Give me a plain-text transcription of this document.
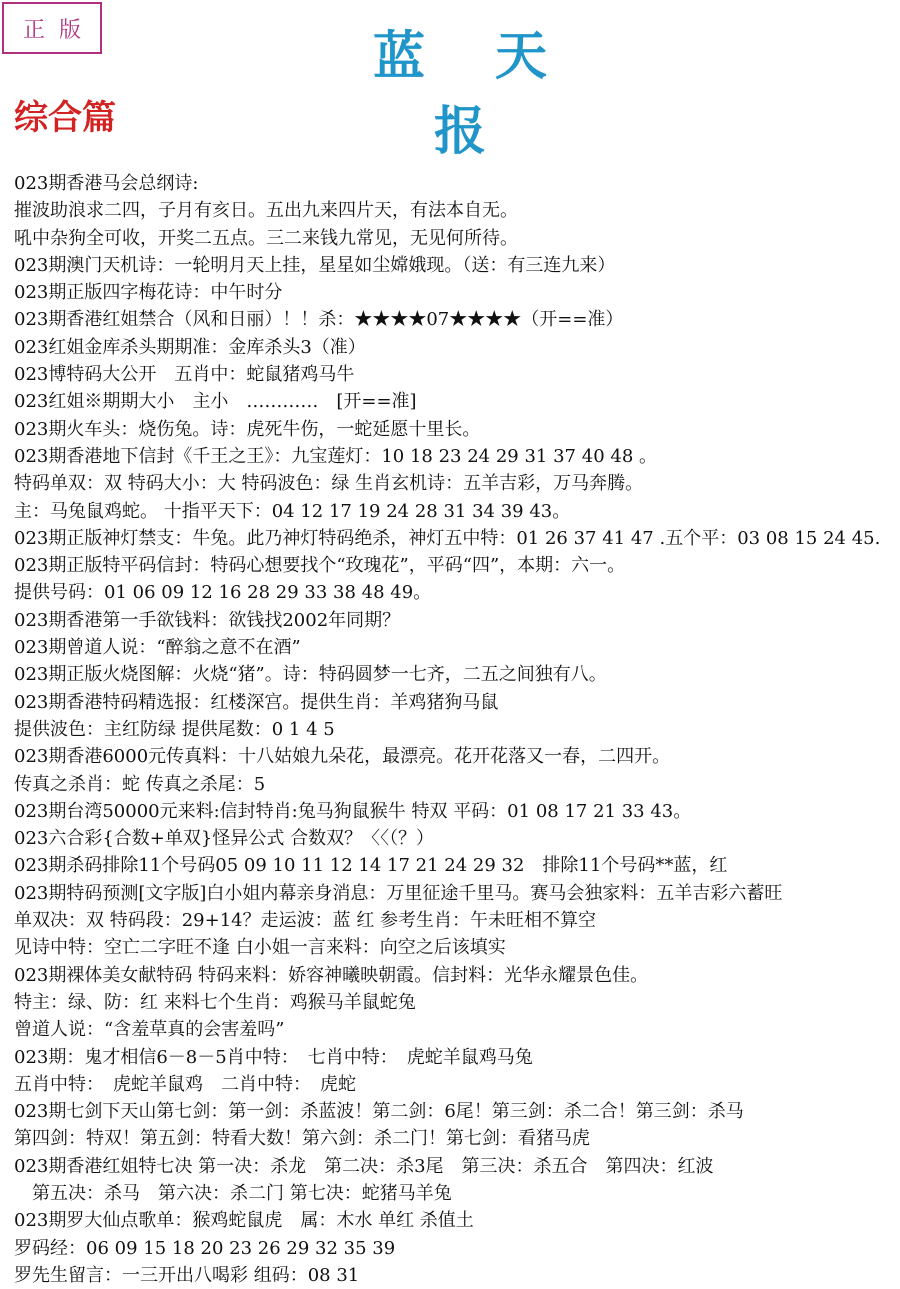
正版	蓝天报
综合篇
023期香港马会总纲诗:
摧波助浪求二四，子月有亥日。五出九来四片天，有法本自无。
吼中杂狗全可收，开奖二五点。三二来钱九常见，无见何所待。
023期澳门天机诗：一轮明月天上挂，星星如尘嫦娥现。（送：有三连九来）
023期正版四字梅花诗：中午时分
023期香港红姐禁合（风和日丽）！！杀：★★★★07★★★★（开==准）
023红姐金库杀头期期准：金库杀头3（准）
023博特码大公开　五肖中：蛇鼠猪鸡马牛
023红姐※期期大小　主小　…………　[开==准]
023期火车头：烧伤兔。诗：虎死牛伤，一蛇延愿十里长。
023期香港地下信封《千王之王》：九宝莲灯：10 18 23 24 29 31 37 40 48 。
特码单双：双 特码大小：大 特码波色：绿 生肖玄机诗：五羊吉彩，万马奔腾。
主：马兔鼠鸡蛇。 十指平天下：04 12 17 19 24 28 31 34 39 43。
023期正版神灯禁支：牛兔。此乃神灯特码绝杀，神灯五中特：01 26 37 41 47 .五个平：03 08 15 24 45.
023期正版特平码信封：特码心想要找个“玫瑰花”，平码“四”，本期：六一。
提供号码：01 06 09 12 16 28 29 33 38 48 49。
023期香港第一手欲钱料：欲钱找2002年同期？
023期曾道人说：“醉翁之意不在酒”
023期正版火烧图解：火烧“猪”。诗：特码圆梦一七齐，二五之间独有八。
023期香港特码精选报：红楼深宫。提供生肖：羊鸡猪狗马鼠
提供波色：主红防绿 提供尾数：0 1 4 5
023期香港6000元传真料：十八姑娘九朵花，最漂亮。花开花落又一春，二四开。
传真之杀肖：蛇 传真之杀尾：5
023期台湾50000元来料:信封特肖:兔马狗鼠猴牛 特双 平码：01 08 17 21 33 43。
023六合彩{合数+单双}怪异公式 合数双？〈〈（？）
023期杀码排除11个号码05 09 10 11 12 14 17 21 24 29 32　排除11个号码**蓝，红
023期特码预测[文字版]白小姐内幕亲身消息：万里征途千里马。赛马会独家料：五羊吉彩六蓄旺
单双决：双 特码段：29+14？走运波：蓝 红 参考生肖：午未旺相不算空
见诗中特：空亡二字旺不逢 白小姐一言来料：向空之后该填实
023期裸体美女献特码 特码来料：娇容神曦映朝霞。信封料：光华永耀景色佳。
特主：绿、防：红 来料七个生肖：鸡猴马羊鼠蛇兔
曾道人说：“含羞草真的会害羞吗”
023期：鬼才相信6－8－5肖中特：　七肖中特：　虎蛇羊鼠鸡马兔
五肖中特：　虎蛇羊鼠鸡　二肖中特：　虎蛇
023期七剑下天山第七剑：第一剑：杀蓝波！第二剑：6尾！第三剑：杀二合！第三剑：杀马
第四剑：特双！第五剑：特看大数！第六剑：杀二门！第七剑：看猪马虎
023期香港红姐特七决 第一决：杀龙　第二决：杀3尾　第三决：杀五合　第四决：红波
　第五决：杀马　第六决：杀二门 第七决：蛇猪马羊兔
023期罗大仙点歌单：猴鸡蛇鼠虎　属：木水 单红 杀值土
罗码经：06 09 15 18 20 23 26 29 32 35 39
罗先生留言：一三开出八喝彩 组码：08 31
